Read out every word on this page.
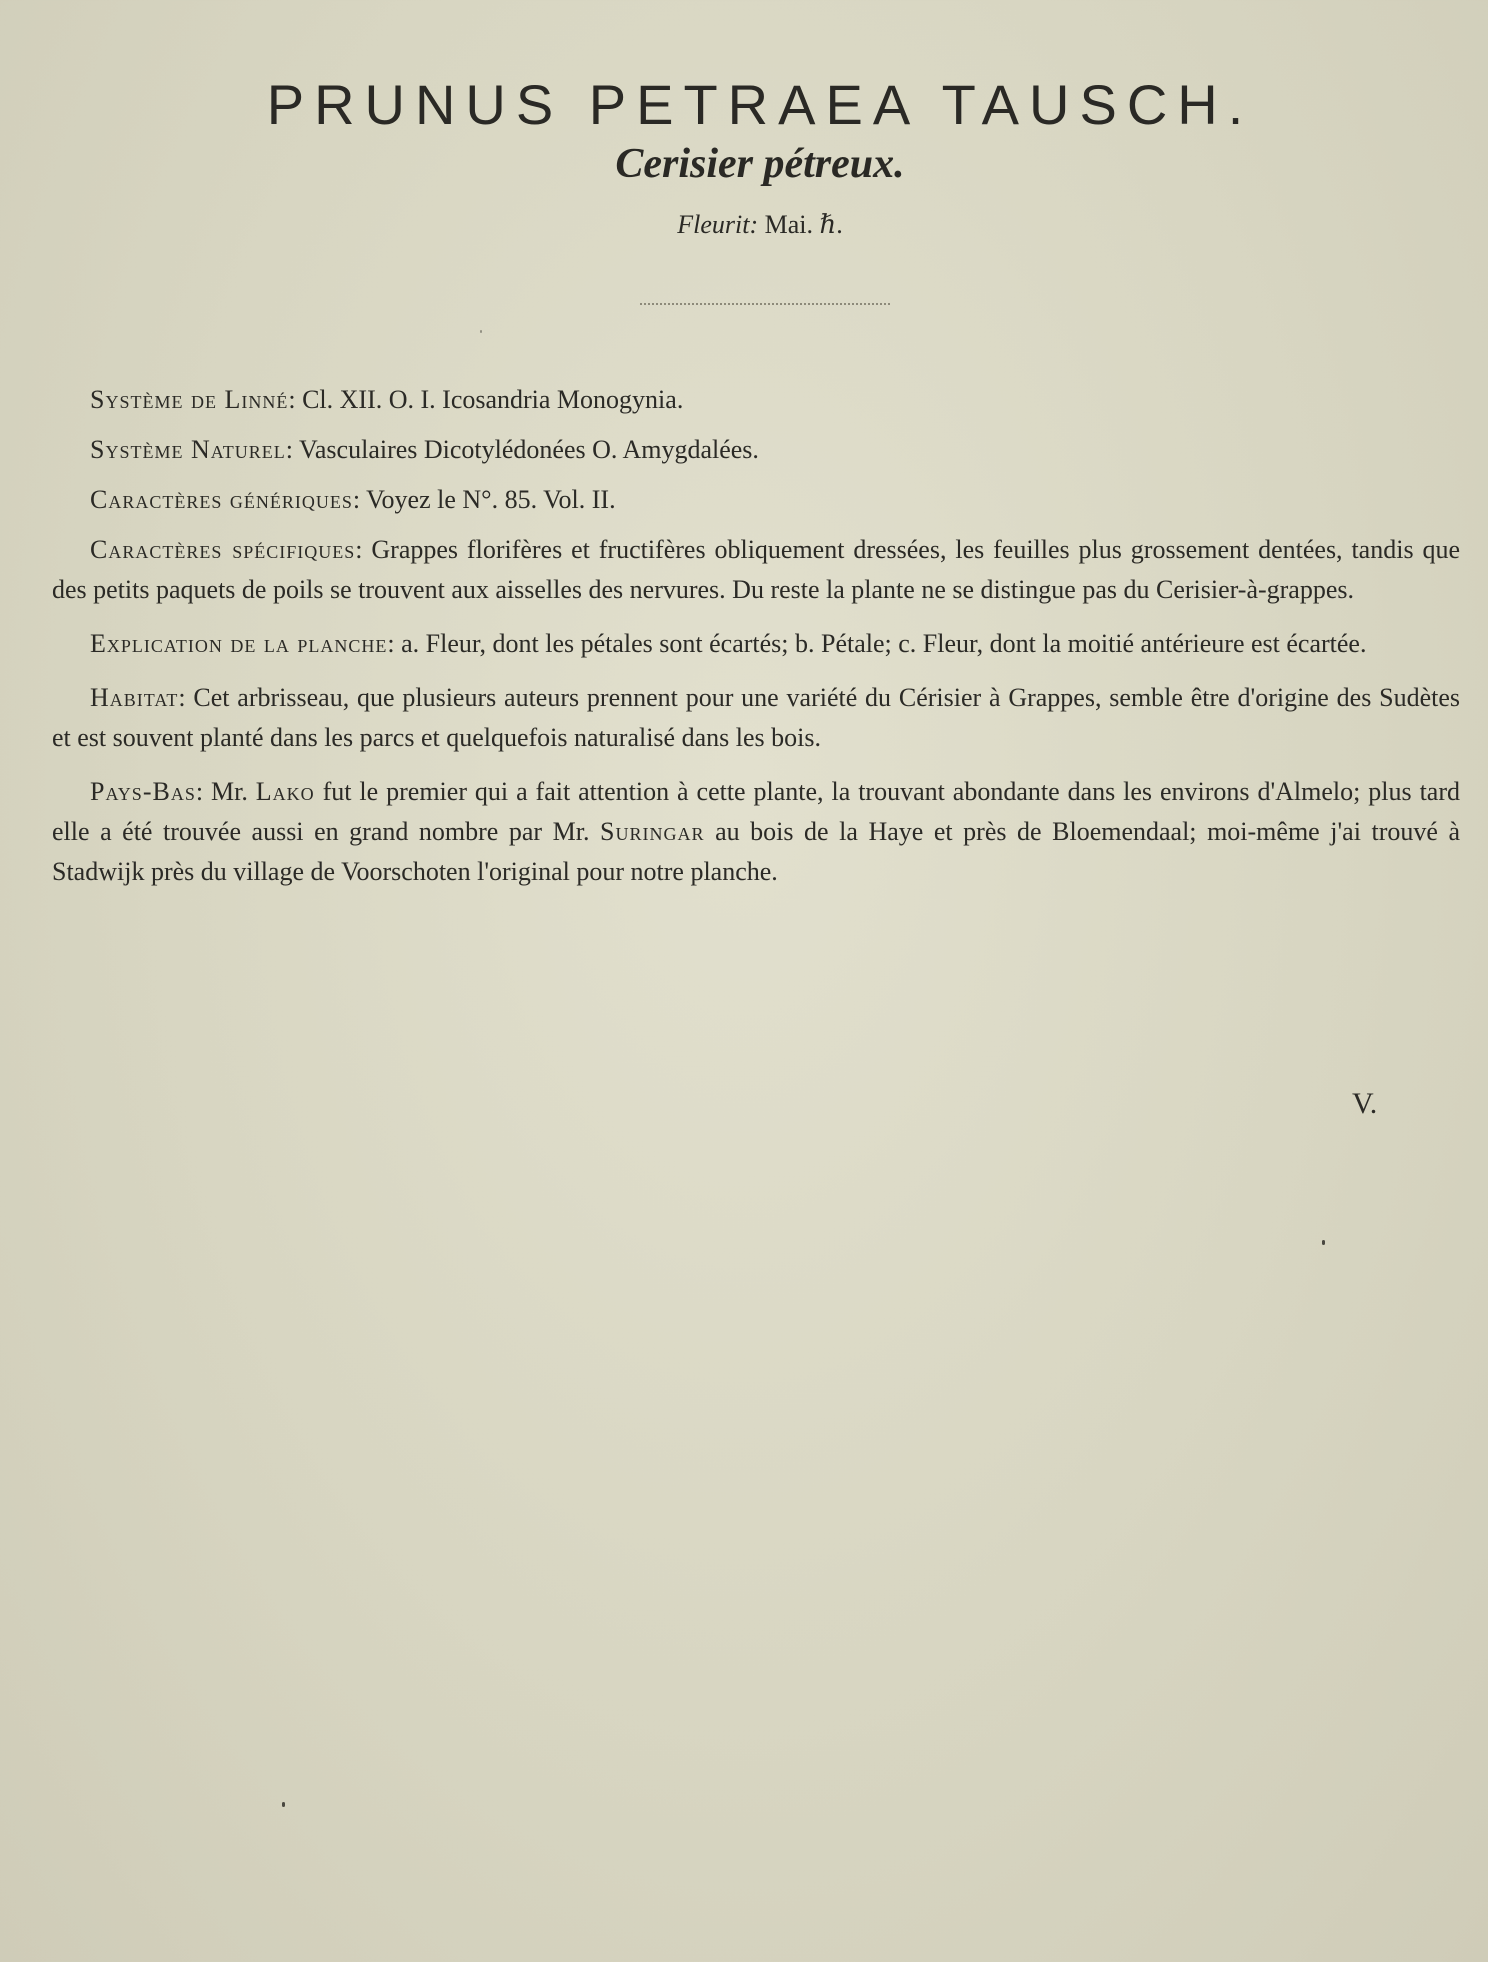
PRUNUS PETRAEA TAUSCH.
Cerisier pétreux.
Fleurit: Mai. ℏ.

Système de Linné: Cl. XII. O. I. Icosandria Monogynia.

Système Naturel: Vasculaires Dicotylédonées O. Amygdalées.

Caractères génériques: Voyez le N°. 85. Vol. II.

Caractères spécifiques: Grappes florifères et fructifères obliquement dressées, les feuilles plus grossement dentées, tandis que des petits paquets de poils se trouvent aux aisselles des nervures. Du reste la plante ne se distingue pas du Cerisier-à-grappes.

Explication de la planche: a. Fleur, dont les pétales sont écartés; b. Pétale; c. Fleur, dont la moitié antérieure est écartée.

Habitat: Cet arbrisseau, que plusieurs auteurs prennent pour une variété du Cérisier à Grappes, semble être d'origine des Sudètes et est souvent planté dans les parcs et quelquefois naturalisé dans les bois.

Pays-Bas: Mr. Lako fut le premier qui a fait attention à cette plante, la trouvant abondante dans les environs d'Almelo; plus tard elle a été trouvée aussi en grand nombre par Mr. Suringar au bois de la Haye et près de Bloemendaal; moi-même j'ai trouvé à Stadwijk près du village de Voorschoten l'original pour notre planche.

V.
